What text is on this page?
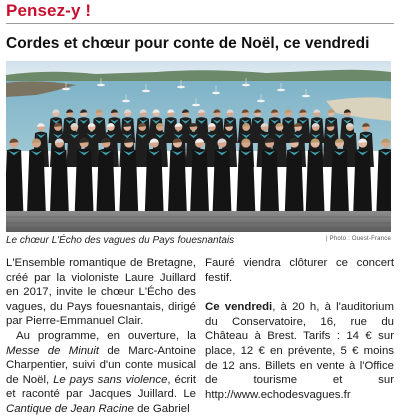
Pensez-y !
Cordes et chœur pour conte de Noël, ce vendredi
Le chœur L'Écho des vagues du Pays fouesnantais	| Photo : Ouest-France

L'Ensemble romantique de Bretagne, créé par la violoniste Laure Juillard en 2017, invite le chœur L'Écho des vagues, du Pays fouesnantais, dirigé par Pierre-Emmanuel Clair.

Au programme, en ouverture, la Messe de Minuit de Marc-Antoine Charpentier, suivi d'un conte musical de Noël, Le pays sans violence, écrit et raconté par Jacques Juillard. Le Cantique de Jean Racine de Gabriel

Fauré viendra clôturer ce concert festif.

Ce vendredi, à 20 h, à l'auditorium du Conservatoire, 16, rue du Château à Brest. Tarifs : 14 € sur place, 12 € en prévente, 5 € moins de 12 ans. Billets en vente à l'Office de tourisme et sur http://www.echodesvagues.fr
